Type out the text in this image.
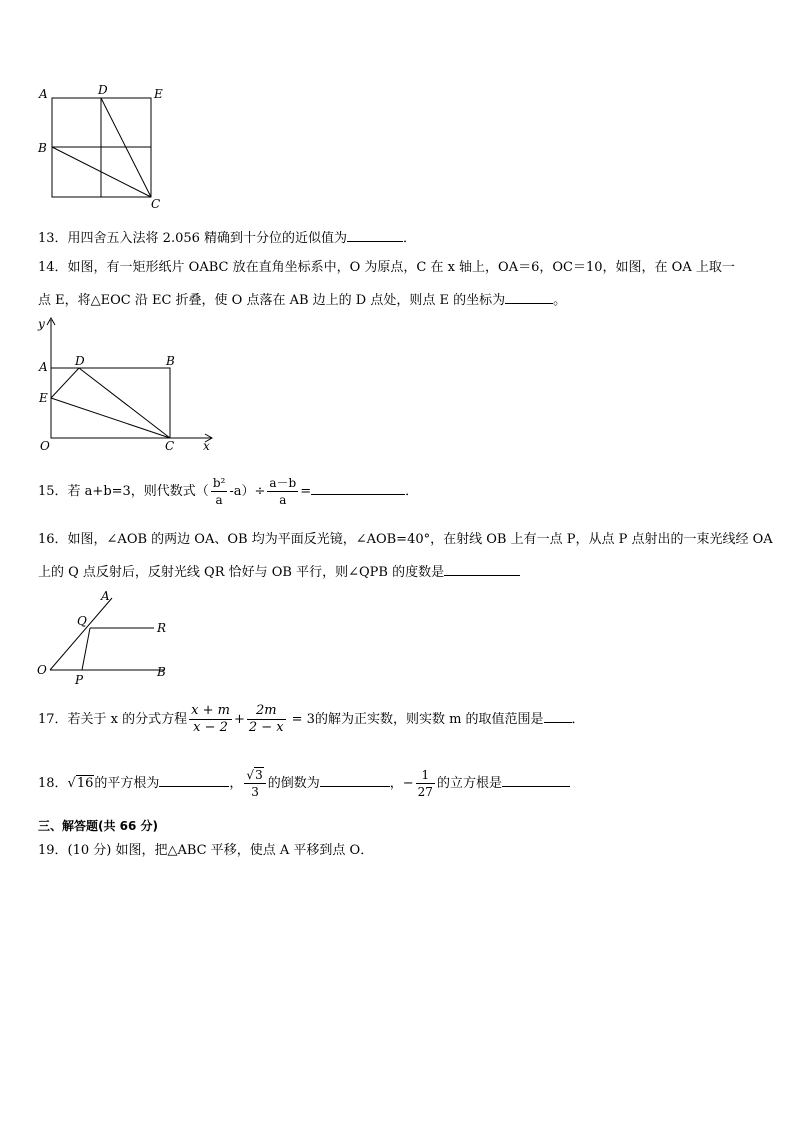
A	D	E
B
C
13．用四舍五入法将 2.056 精确到十分位的近似值为	．
14．如图，有一矩形纸片 OABC 放在直角坐标系中，O 为原点，C 在 x 轴上，OA＝6，OC＝10，如图，在 OA 上取一
点 E，将△EOC 沿 EC 折叠，使 O 点落在 AB 边上的 D 点处，则点 E 的坐标为	。
y
x
A D	B
E
O	C
15．若 a+b=3，则代数式（ $\frac{\text{b²}}{a} -a)\div \frac{a-b}{a}$ =	．
16．如图，∠AOB 的两边 OA、OB 均为平面反光镜，∠AOB=40°，在射线 OB 上有一点 P，从点 P 点射出的一束光线经 OA
上的 Q 点反射后，反射光线 QR 恰好与 OB 平行，则∠QPB 的度数是
A
Q	R
O
P
B
17．若关于 x 的分式方程 $\frac{x + m}{x - 2} + \frac{2m}{2 - x} = 3$的解为正实数，则实数 m 的取值范围是 ．
18．√16的平方根为	， $\frac{√3}{3}$ 的倒数为	，− $\frac{1}{27}$ 的立方根是
三、解答题(共 66 分)
19．(10 分) 如图，把△ABC 平移，使点 A 平移到点 O．
